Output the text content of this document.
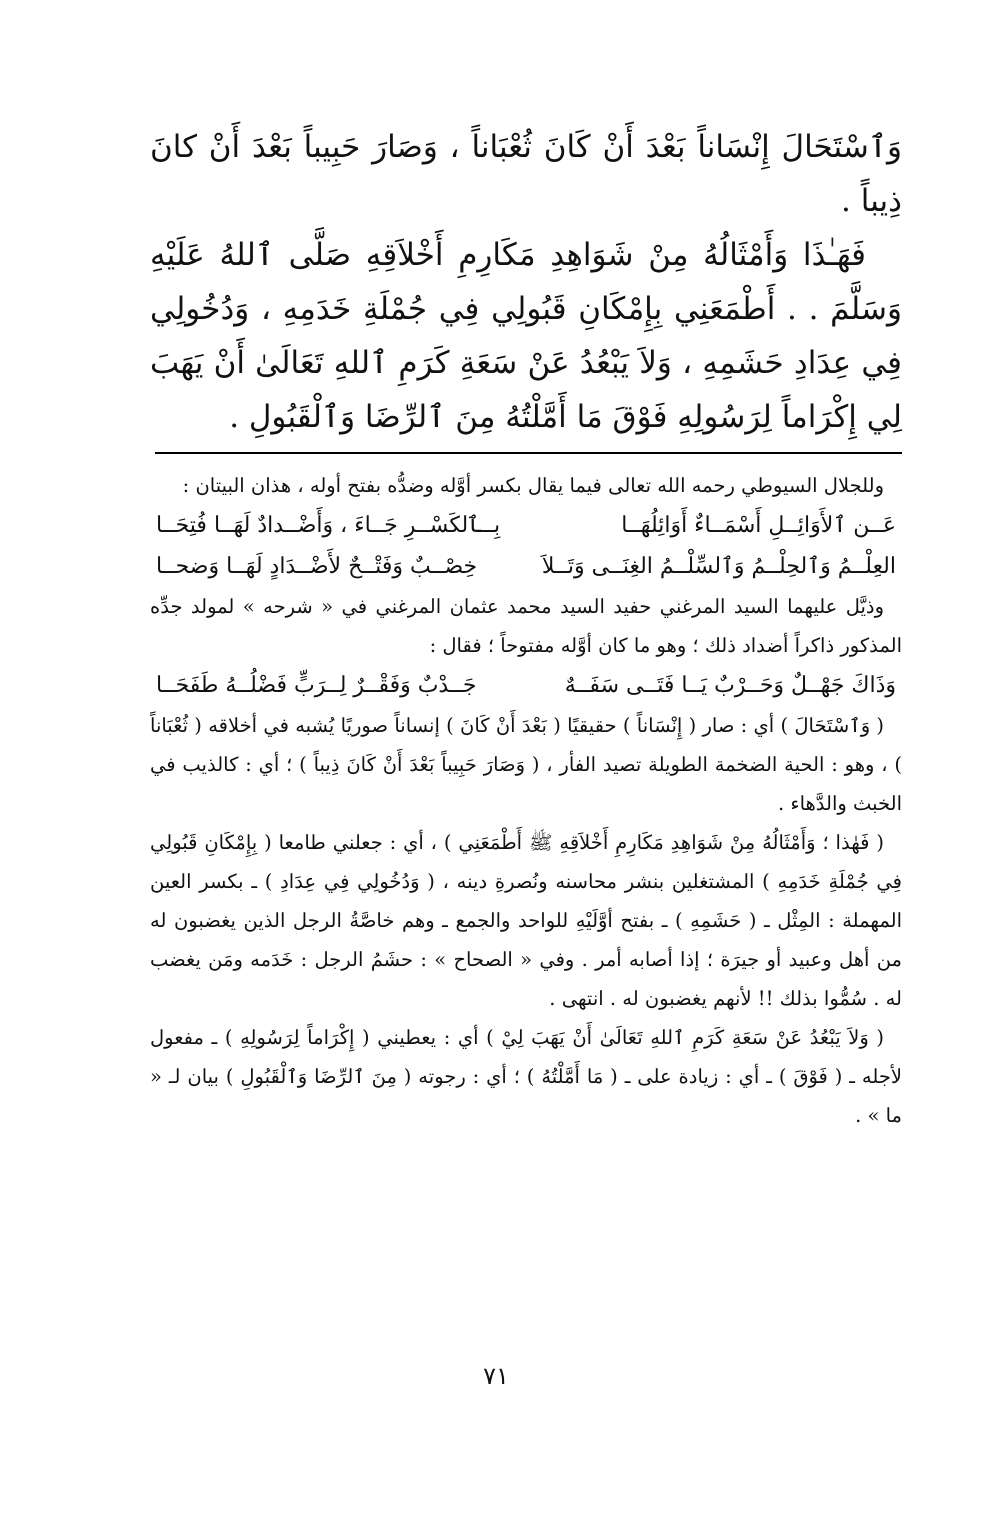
وَٱسْتَحَالَ إِنْسَاناً بَعْدَ أَنْ كَانَ ثُعْبَاناً ، وَصَارَ حَبِيباً بَعْدَ أَنْ كانَ ذِيباً .

فَهَـٰذَا وَأَمْثَالُهُ مِنْ شَوَاهِدِ مَكَارِمِ أَخْلاَقِهِ صَلَّى ٱللهُ عَلَيْهِ وَسَلَّمَ . . أَطْمَعَنِي بِإِمْكَانِ قَبُولِي فِي جُمْلَةِ خَدَمِهِ ، وَدُخُولِي فِي عِدَادِ حَشَمِهِ ، وَلاَ يَبْعُدُ عَنْ سَعَةِ كَرَمِ ٱللهِ تَعَالَىٰ أَنْ يَهَبَ لِي إِكْرَاماً لِرَسُولِهِ فَوْقَ مَا أَمَّلْتُهُ مِنَ ٱلرِّضَا وَٱلْقَبُولِ .

وللجلال السيوطي رحمه الله تعالى فيما يقال بكسر أوَّله وضدُّه بفتح أوله ، هذان البيتان :

عَــن ٱلأَوَائِــلِ أَسْمَــاءٌ أَوَائِلُهَــا
بِــٱلكَسْــرِ جَــاءَ ، وَأَضْــدادٌ لَهَــا فُتِحَــا
العِلْــمُ وَٱلحِلْــمُ وَٱلسِّلْــمُ الغِنَــى وَتَــلاَ
خِصْــبٌ وَفَتْــحٌ لأَضْــدَادٍ لَهَــا وَضحــا

وذيَّل عليهما السيد المرغني حفيد السيد محمد عثمان المرغني في « شرحه » لمولد جدِّه المذكور ذاكراً أضداد ذلك ؛ وهو ما كان أوَّله مفتوحاً ؛ فقال :

وَذَاكَ جَهْــلٌ وَحَــرْبٌ يَــا فَتَــى سَفَــهٌ
جَــدْبٌ وَفَقْــرٌ لِــرَبٍّ فَضْلُــهُ طَفَحَــا

( وَٱسْتَحَالَ ) أي : صار ( إِنْسَاناً ) حقيقيًا ( بَعْدَ أَنْ كَانَ ) إنساناً صوريًا يُشبه في أخلاقه ( ثُعْبَاناً ) ، وهو : الحية الضخمة الطويلة تصيد الفأر ، ( وَصَارَ حَبِيباً بَعْدَ أَنْ كَانَ ذِيباً ) ؛ أي : كالذيب في الخبث والدَّهاء .

( فَهٰذا ؛ وَأَمْثَالُهُ مِنْ شَوَاهِدِ مَكَارِمِ أَخْلاَقِهِ ﷺ أَطْمَعَنِي ) ، أي : جعلني طامعا ( بِإِمْكَانِ قَبُولِي فِي جُمْلَةِ خَدَمِهِ ) المشتغلين بنشر محاسنه ونُصرةِ دينه ، ( وَدُخُولِي فِي عِدَادِ ) ـ بكسر العين المهملة : المِثْل ـ ( حَشَمِهِ ) ـ بفتح أوَّلَيْهِ للواحد والجمع ـ وهم خاصَّةُ الرجل الذين يغضبون له من أهل وعبيد أو جيرَة ؛ إذا أصابه أمر . وفي « الصحاح » : حشَمُ الرجل : خَدَمه ومَن يغضب له . سُمُّوا بذلك !! لأنهم يغضبون له . انتهى .

( وَلاَ يَبْعُدُ عَنْ سَعَةِ كَرَمِ ٱللهِ تَعَالَىٰ أَنْ يَهَبَ لِيْ ) أي : يعطيني ( إِكْرَاماً لِرَسُولِهِ ) ـ مفعول لأجله ـ ( فَوْقَ ) ـ أي : زيادة على ـ ( مَا أَمَّلْتُهُ ) ؛ أي : رجوته ( مِنَ ٱلرِّضَا وَٱلْقَبُولِ ) بيان لـ « ما » .

٧١
